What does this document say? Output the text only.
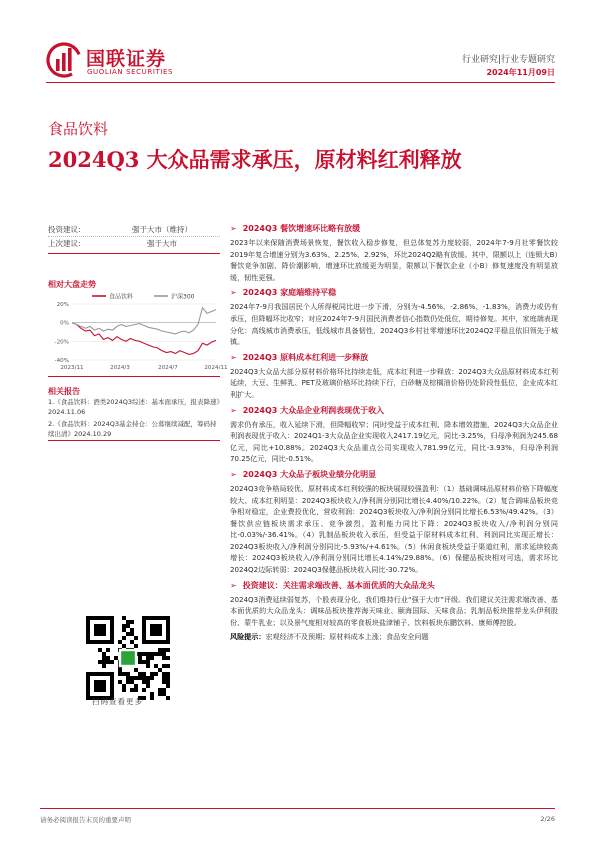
国联证券
GUOLIAN SECURITIES
行业研究|行业专题研究
2024年11月09日
食品饮料
2024Q3 大众品需求承压，原材料红利释放
投资建议:	强于大市（维持）
上次建议:	强于大市
相对大盘走势
食品饮料	沪深300
20%
0%
-20%
-40%
2023/11	2024/3	2024/7	2024/11
相关报告
1.《食品饮料：酒类2024Q3综述：基本面承压，报表降速》2024.11.06
2.《食品饮料：2024Q3基金持仓：公募继续减配，筹码持续出清》2024.10.29
扫码查看更多
➢ 2024Q3 餐饮增速环比略有放缓
2023年以来保随消费场景恢复，餐饮收入稳步修复，但总体复苏力度较弱，2024年7-9月社零餐饮较2019年复合增速分别为3.63%、2.25%、2.92%，环比2024Q2略有放缓。其中，限额以上（连锁大B）餐饮竞争加剧、降价潮影响，增速环比放缓更为明显，限额以下餐饮企业（小B）修复速度没有明显放缓，韧性更强。
➢ 2024Q3 家庭端维持平稳
2024年7-9月我国居民个人所得税同比进一步下滑，分别为-4.56%、-2.86%、-1.83%，消费力或仍有承压，但降幅环比收窄；对应2024年7-9月国民消费者信心指数仍处低位，期待修复。其中，家庭端表现分化：高线城市消费承压，低线城市具备韧性，2024Q3乡村社零增速环比2024Q2平稳且依旧领先于城镇。
➢ 2024Q3 原料成本红利进一步释放
2024Q3大众品大部分原材料价格环比持续走低，成本红利进一步释放：2024Q3大众品原材料成本红利延续，大豆、生鲜乳、PET及玻璃价格环比持续下行，白砂糖及棕榈油价格仍处阶段性低位，企业成本红利扩大。
➢ 2024Q3 大众品企业利润表现优于收入
需求仍有承压，收入延续下滑，但降幅收窄；同时受益于成本红利、降本增效措施，2024Q3大众品企业利润表现优于收入：2024Q1-3大众品企业实现收入2417.19亿元，同比-3.25%，归母净利润为245.68亿元，同比+10.88%。2024Q3大众品重点公司实现收入781.99亿元，同比-3.93%，归母净利润70.25亿元，同比-0.51%。
➢ 2024Q3 大众品子板块业绩分化明显
2024Q3竞争格局较优、原材料成本红利较强的板块展现较强盈利：（1）基础调味品原材料价格下降幅度较大、成本红利明显：2024Q3板块收入/净利润分别同比增长4.40%/10.22%。（2）复合调味品板块竞争相对稳定，企业费投优化，营收利润：2024Q3板块收入/净利润分别同比增长6.53%/49.42%。（3）餐饮供应链板块需求承压、竞争激烈，盈利能力同比下降：2024Q3板块收入/净利润分别同比-0.03%/-36.41%。（4）乳制品板块收入承压，但受益于原材料成本红利，利润同比实现正增长：2024Q3板块收入/净利润分别同比-5.93%/+4.61%。（5）休闲食板块受益于渠道红利，需求延续较高增长：2024Q3板块收入/净利润分别同比增长4.14%/29.88%。（6）保健品板块相对可选，需求环比2024Q2边际转弱：2024Q3保健品板块收入同比-30.72%。
➢ 投资建议：关注需求端改善、基本面优质的大众品龙头
2024Q3消费延续弱复苏，个股表现分化，我们维持行业“强于大市”评级。我们建议关注需求端改善、基本面优质的大众品龙头：调味品板块推荐海天味业、颐海国际、天味食品；乳制品板块推荐龙头伊利股份、蒙牛乳业；以及景气度相对较高的零食板块盐津铺子、饮料板块东鹏饮料、康师傅控股。
风险提示：宏观经济不及预期；原材料成本上涨；食品安全问题
请务必阅读报告末页的重要声明	2/26
